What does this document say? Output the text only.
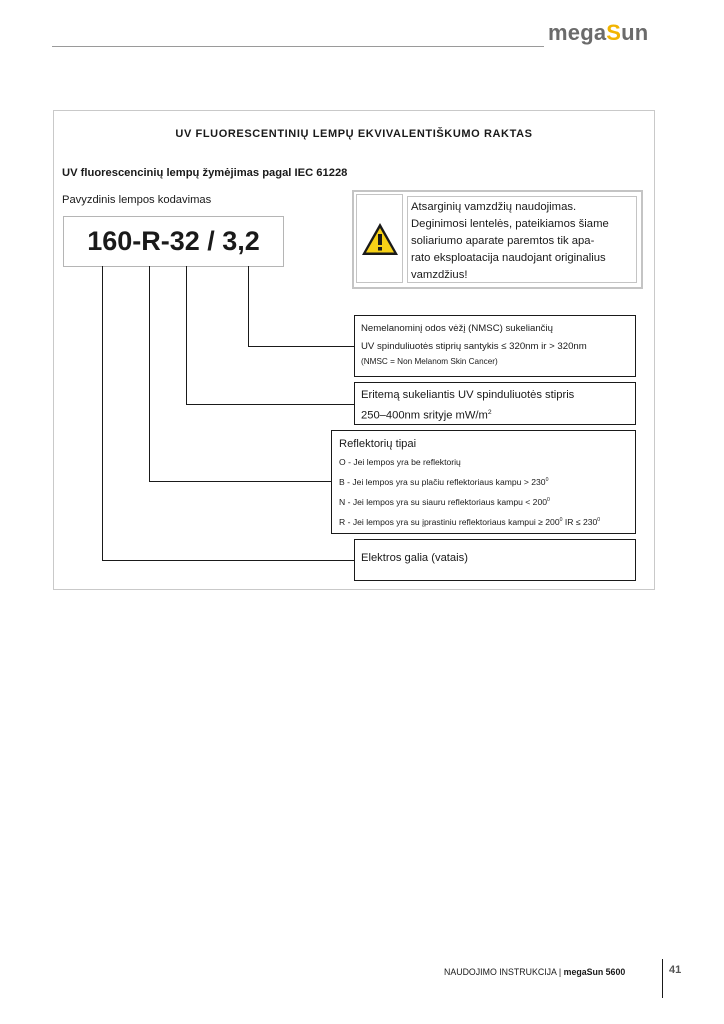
megaSun
UV FLUORESCENTINIŲ LEMPŲ EKVIVALENTIŠKUMO RAKTAS
UV fluorescencinių lempų žymėjimas pagal IEC 61228
Pavyzdinis lempos kodavimas
160-R-32 / 3,2
Atsarginių vamzdžių naudojimas.
Deginimosi lentelės, pateikiamos šiame
soliariumo aparate paremtos tik apa-
rato eksploatacija naudojant originalius
vamzdžius!
Nemelanominį odos vėžį (NMSC) sukeliančių
UV spinduliuotės stiprių santykis ≤ 320nm ir > 320nm
(NMSC = Non Melanom Skin Cancer)
Eritemą sukeliantis UV spinduliuotės stipris
250–400nm srityje $mW/m^2$
Reflektorių tipai
O - Jei lempos yra be reflektorių
B - Jei lempos yra su plačiu reflektoriaus kampu > $230^0$
N - Jei lempos yra su siauru reflektoriaus kampu < $200^0$
R - Jei lempos yra su įprastiniu reflektoriaus kampui ≥ $200^0$ IR ≤ $230^0$
Elektros galia (vatais)
NAUDOJIMO INSTRUKCIJA | megaSun 5600	41
